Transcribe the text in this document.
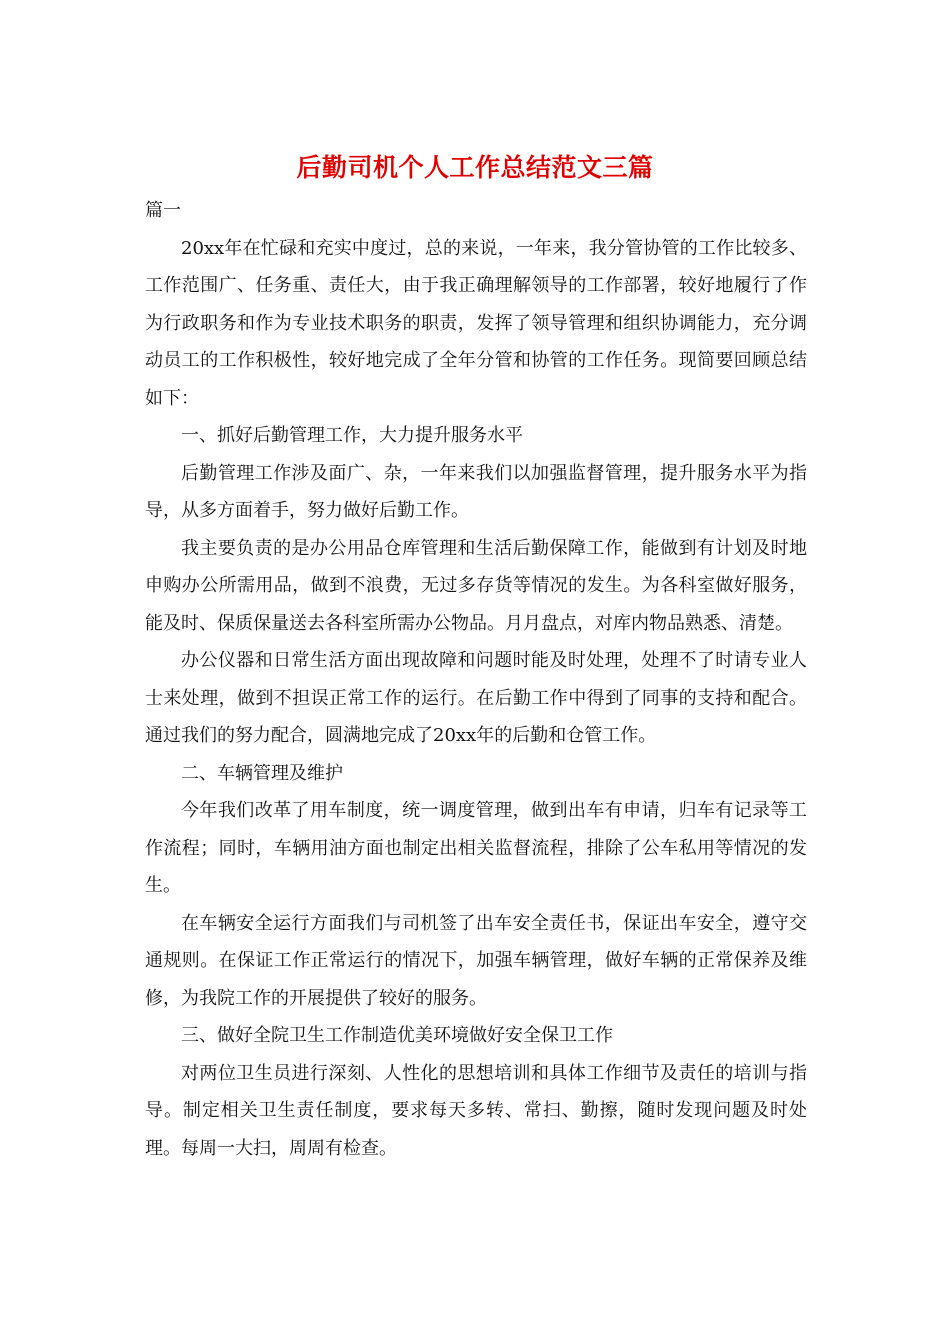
后勤司机个人工作总结范文三篇

篇一

20xx年在忙碌和充实中度过，总的来说，一年来，我分管协管的工作比较多、工作范围广、任务重、责任大，由于我正确理解领导的工作部署，较好地履行了作为行政职务和作为专业技术职务的职责，发挥了领导管理和组织协调能力，充分调动员工的工作积极性，较好地完成了全年分管和协管的工作任务。现简要回顾总结如下：

一、抓好后勤管理工作，大力提升服务水平

后勤管理工作涉及面广、杂，一年来我们以加强监督管理，提升服务水平为指导，从多方面着手，努力做好后勤工作。

我主要负责的是办公用品仓库管理和生活后勤保障工作，能做到有计划及时地申购办公所需用品，做到不浪费，无过多存货等情况的发生。为各科室做好服务，能及时、保质保量送去各科室所需办公物品。月月盘点，对库内物品熟悉、清楚。

办公仪器和日常生活方面出现故障和问题时能及时处理，处理不了时请专业人士来处理，做到不担误正常工作的运行。在后勤工作中得到了同事的支持和配合。通过我们的努力配合，圆满地完成了20xx年的后勤和仓管工作。

二、车辆管理及维护

今年我们改革了用车制度，统一调度管理，做到出车有申请，归车有记录等工作流程；同时，车辆用油方面也制定出相关监督流程，排除了公车私用等情况的发生。

在车辆安全运行方面我们与司机签了出车安全责任书，保证出车安全，遵守交通规则。在保证工作正常运行的情况下，加强车辆管理，做好车辆的正常保养及维修，为我院工作的开展提供了较好的服务。

三、做好全院卫生工作制造优美环境做好安全保卫工作

对两位卫生员进行深刻、人性化的思想培训和具体工作细节及责任的培训与指导。制定相关卫生责任制度，要求每天多转、常扫、勤擦，随时发现问题及时处理。每周一大扫，周周有检查。
